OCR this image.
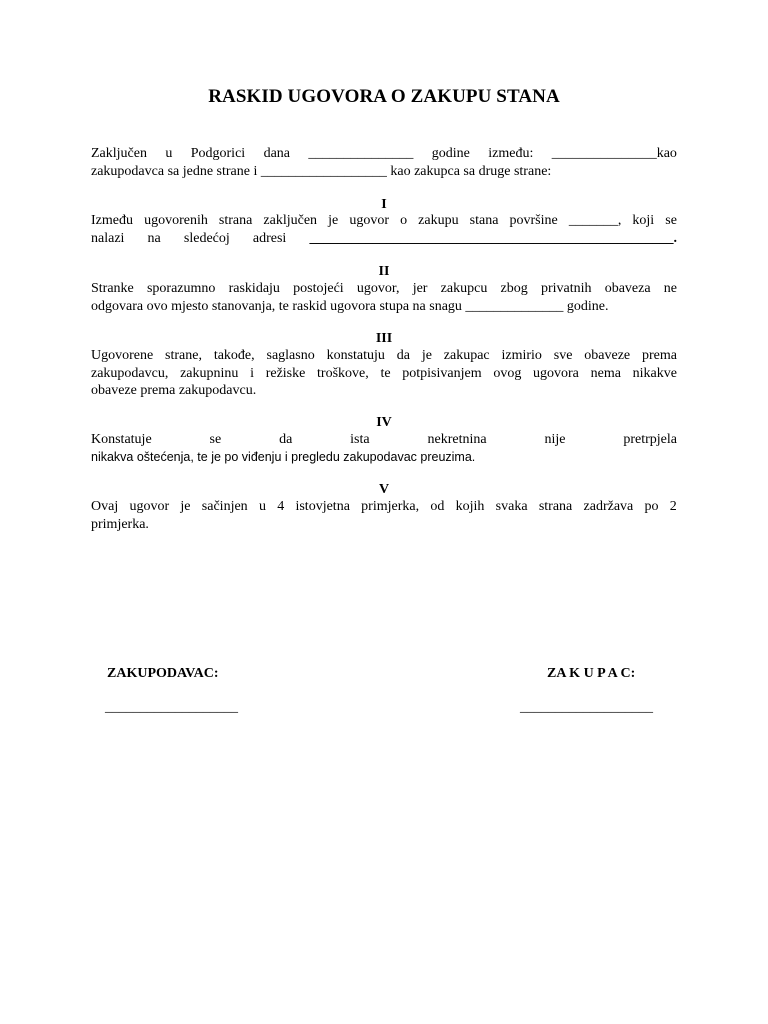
RASKID UGOVORA O ZAKUPU STANA
Zaključen u Podgorici dana _______________ godine između: _______________kao
zakupodavca sa jedne strane i __________________ kao zakupca sa druge strane:
I
Između ugovorenih strana zaključen je ugovor o zakupu stana površine _______, koji se
nalazi na sledećoj adresi ____________________________________________________.
II
Stranke sporazumno raskidaju postojeći ugovor, jer zakupcu zbog privatnih obaveza ne
odgovara ovo mjesto stanovanja, te raskid ugovora stupa na snagu ______________ godine.
III
Ugovorene strane, takođe, saglasno konstatuju da je zakupac izmirio sve obaveze prema
zakupodavcu, zakupninu i režiske troškove, te potpisivanjem ovog ugovora nema nikakve
obaveze prema zakupodavcu.
IV
Konstatuje	se	da	ista	nekretnina	nije	pretrpjela
nikakva oštećenja, te je po viđenju i pregledu zakupodavac preuzima.
V
Ovaj ugovor je sačinjen u 4 istovjetna primjerka, od kojih svaka strana zadržava po 2
primjerka.
ZAKUPODAVAC:	ZA K U P A C:
___________________	___________________
